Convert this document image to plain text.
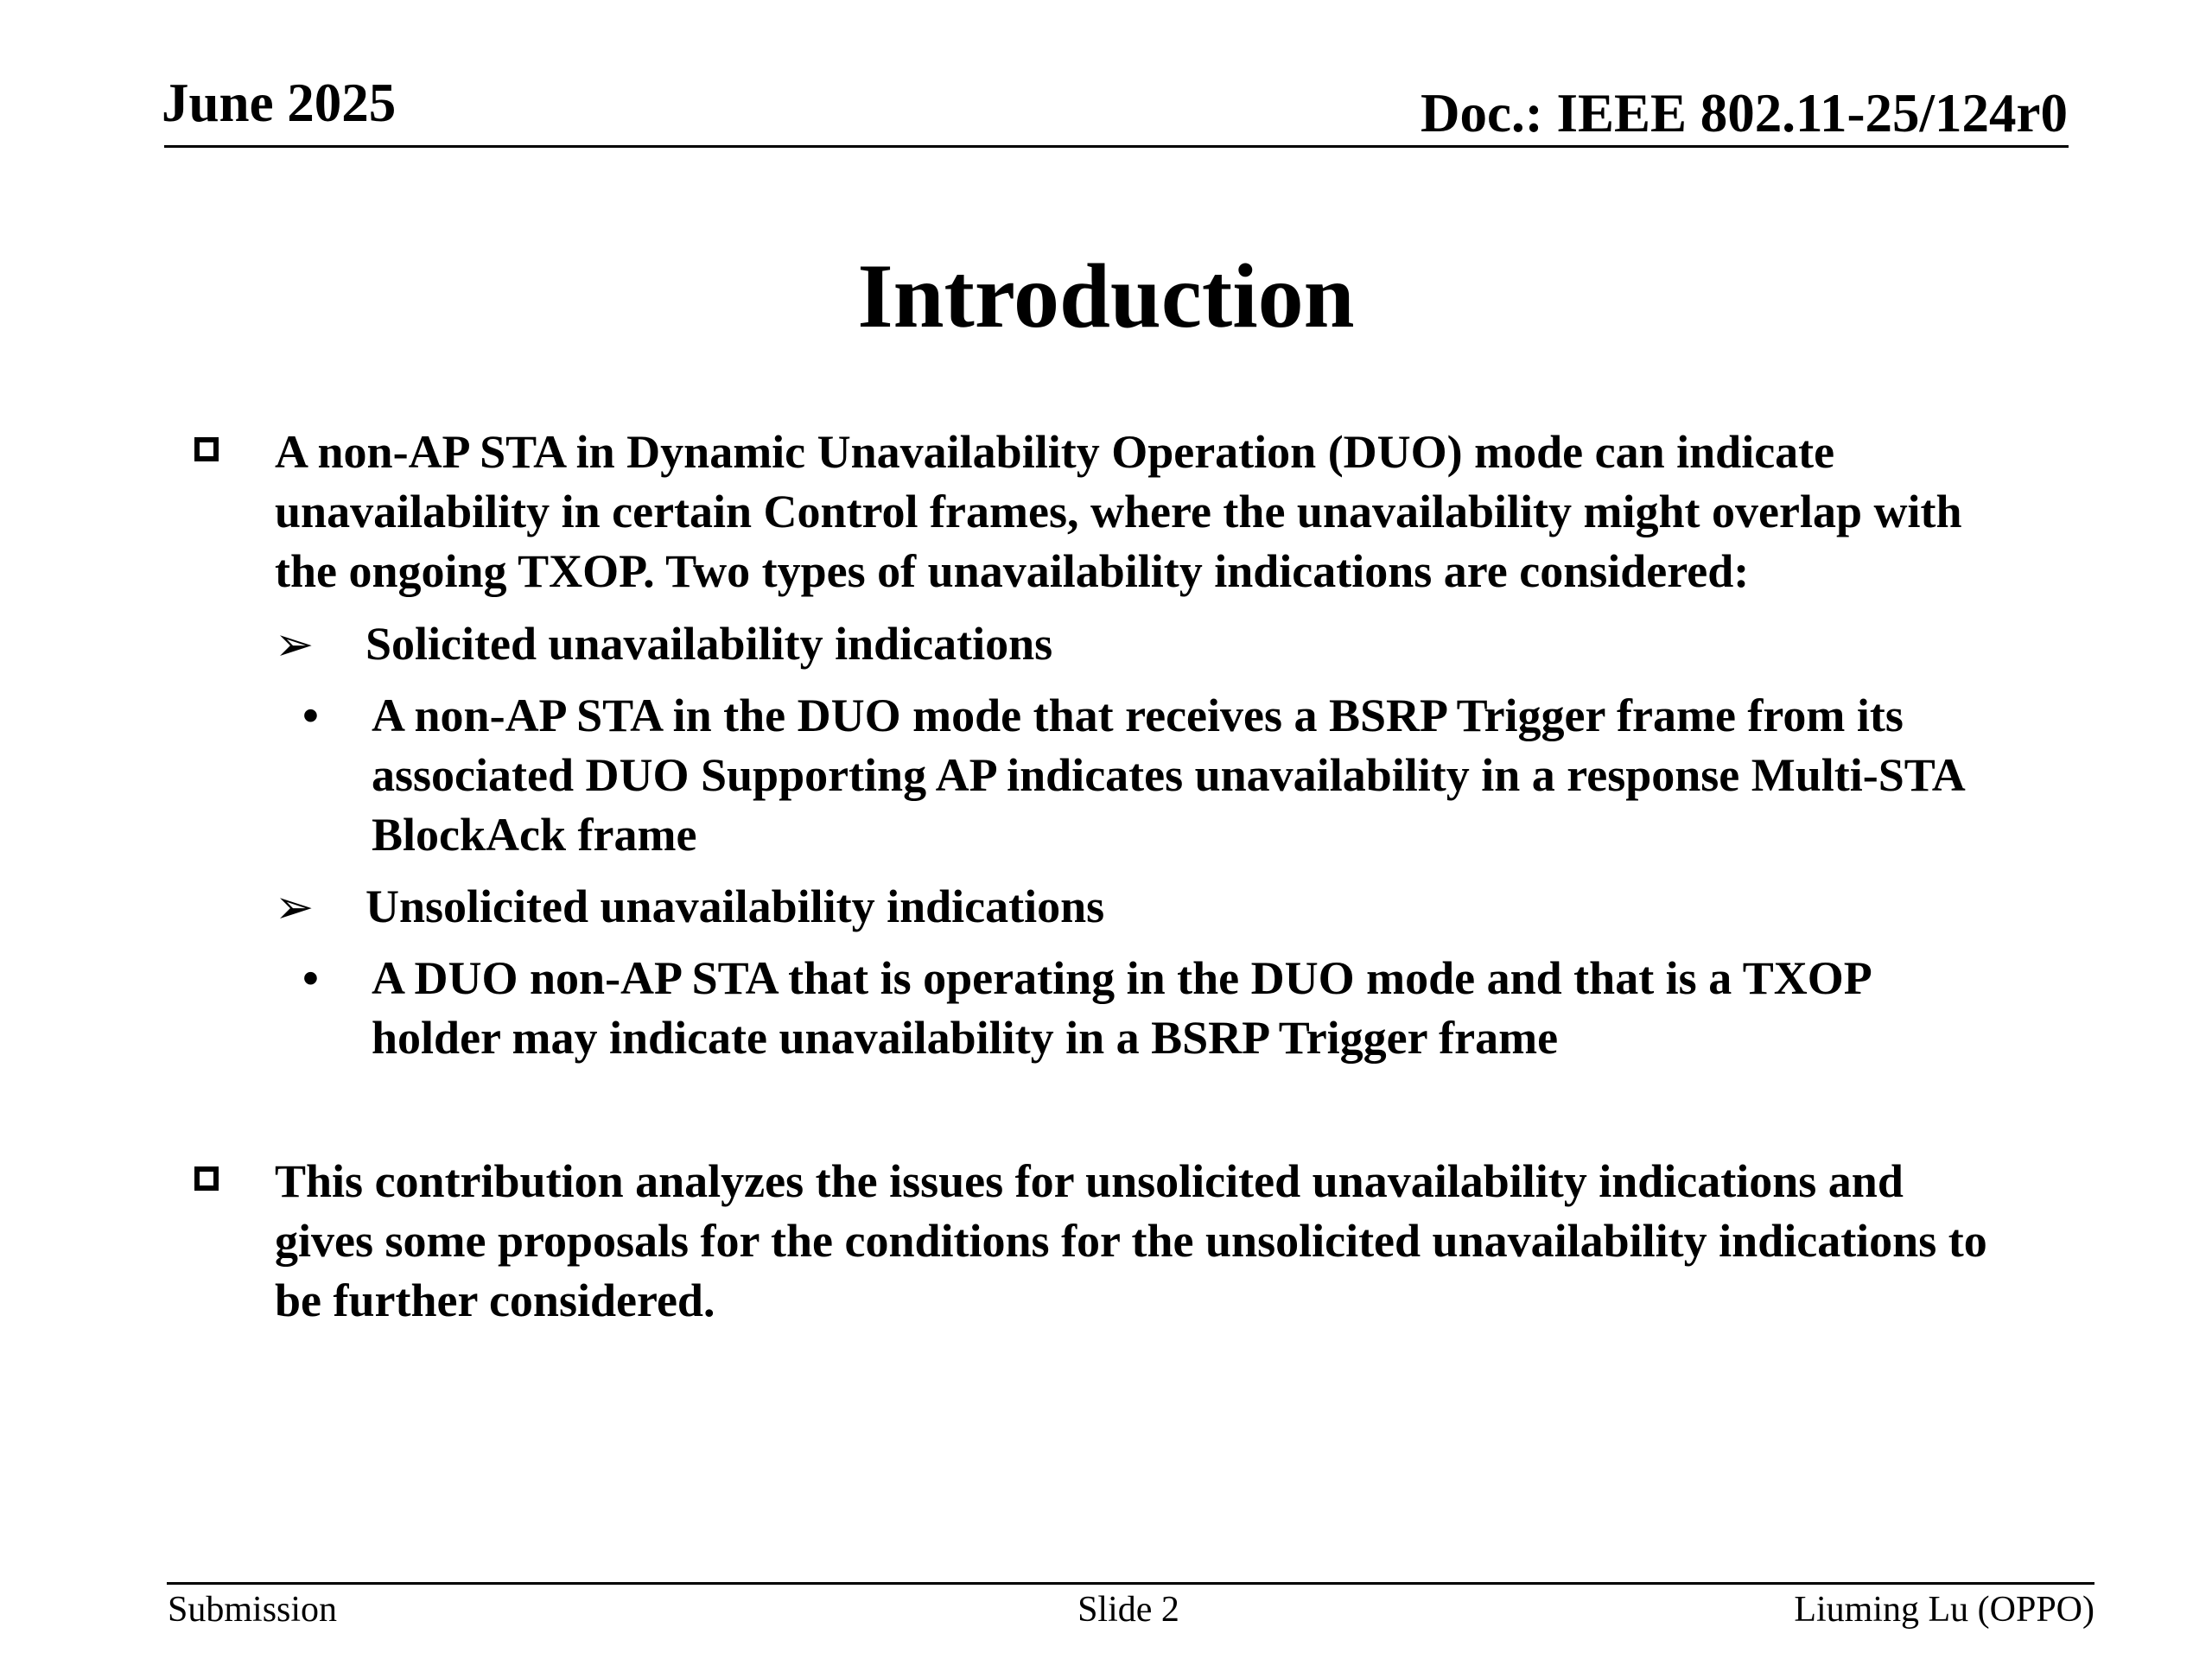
June 2025	Doc.: IEEE 802.11-25/124r0
Introduction
A non-AP STA in Dynamic Unavailability Operation (DUO) mode can indicate
unavailability in certain Control frames, where the unavailability might overlap with
the ongoing TXOP. Two types of unavailability indications are considered:
➢ Solicited unavailability indications
• A non-AP STA in the DUO mode that receives a BSRP Trigger frame from its
associated DUO Supporting AP indicates unavailability in a response Multi-STA
BlockAck frame
➢ Unsolicited unavailability indications
• A DUO non-AP STA that is operating in the DUO mode and that is a TXOP
holder may indicate unavailability in a BSRP Trigger frame
This contribution analyzes the issues for unsolicited unavailability indications and
gives some proposals for the conditions for the unsolicited unavailability indications to
be further considered.
Submission	Slide 2	Liuming Lu (OPPO)
